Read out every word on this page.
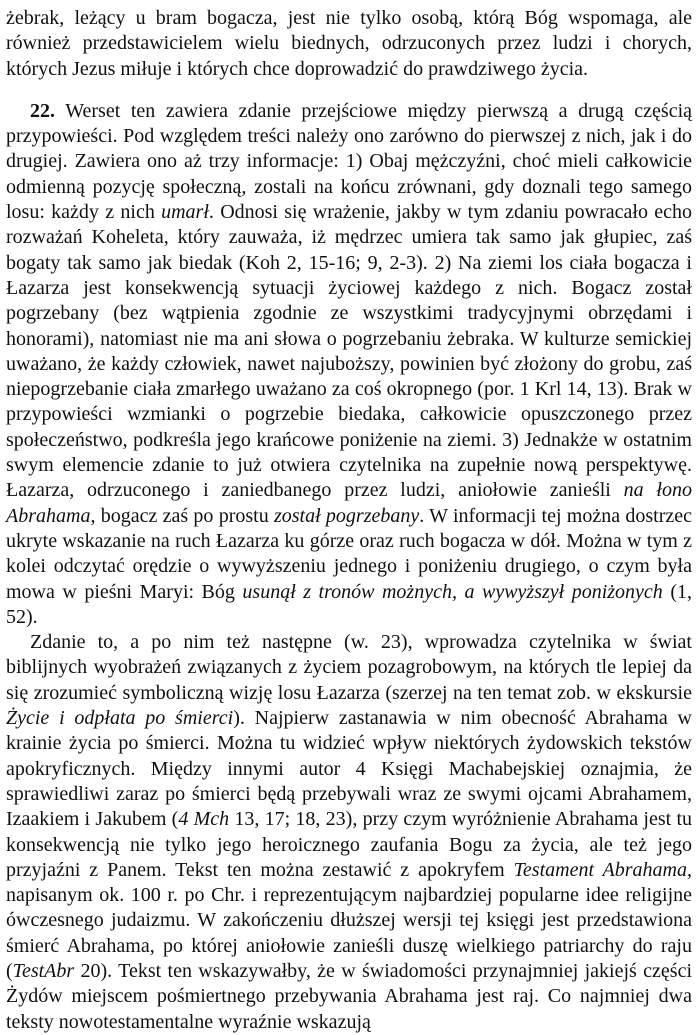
żebrak, leżący u bram bogacza, jest nie tylko osobą, którą Bóg wspomaga, ale również przedstawicielem wielu biednych, odrzuconych przez ludzi i chorych, których Jezus miłuje i których chce doprowadzić do prawdziwego życia.

22. Werset ten zawiera zdanie przejściowe między pierwszą a drugą częścią przypowieści. Pod względem treści należy ono zarówno do pierwszej z nich, jak i do drugiej. Zawiera ono aż trzy informacje: 1) Obaj mężczyźni, choć mieli całkowicie odmienną pozycję społeczną, zostali na końcu zrównani, gdy doznali tego samego losu: każdy z nich umarł. Odnosi się wrażenie, jakby w tym zdaniu powracało echo rozważań Koheleta, który zauważa, iż mędrzec umiera tak samo jak głupiec, zaś bogaty tak samo jak biedak (Koh 2, 15-16; 9, 2-3). 2) Na ziemi los ciała bogacza i Łazarza jest konsekwencją sytuacji życiowej każdego z nich. Bogacz został pogrzebany (bez wątpienia zgodnie ze wszystkimi tradycyjnymi obrzędami i honorami), natomiast nie ma ani słowa o pogrzebaniu żebraka. W kulturze semickiej uważano, że każdy człowiek, nawet najuboższy, powinien być złożony do grobu, zaś niepogrzebanie ciała zmarłego uważano za coś okropnego (por. 1 Krl 14, 13). Brak w przypowieści wzmianki o pogrzebie biedaka, całkowicie opuszczonego przez społeczeństwo, podkreśla jego krańcowe poniżenie na ziemi. 3) Jednakże w ostatnim swym elemencie zdanie to już otwiera czytelnika na zupełnie nową perspektywę. Łazarza, odrzuconego i zaniedbanego przez ludzi, aniołowie zanieśli na łono Abrahama, bogacz zaś po prostu został pogrzebany. W informacji tej można dostrzec ukryte wskazanie na ruch Łazarza ku górze oraz ruch bogacza w dół. Można w tym z kolei odczytać orędzie o wywyższeniu jednego i poniżeniu drugiego, o czym była mowa w pieśni Maryi: Bóg usunął z tronów możnych, a wywyższył poniżonych (1, 52).

Zdanie to, a po nim też następne (w. 23), wprowadza czytelnika w świat biblijnych wyobrażeń związanych z życiem pozagrobowym, na których tle lepiej da się zrozumieć symboliczną wizję losu Łazarza (szerzej na ten temat zob. w ekskursie Życie i odpłata po śmierci). Najpierw zastanawia w nim obecność Abrahama w krainie życia po śmierci. Można tu widzieć wpływ niektórych żydowskich tekstów apokryficznych. Między innymi autor 4 Księgi Machabejskiej oznajmia, że sprawiedliwi zaraz po śmierci będą przebywali wraz ze swymi ojcami Abrahamem, Izaakiem i Jakubem (4 Mch 13, 17; 18, 23), przy czym wyróżnienie Abrahama jest tu konsekwencją nie tylko jego heroicznego zaufania Bogu za życia, ale też jego przyjaźni z Panem. Tekst ten można zestawić z apokryfem Testament Abrahama, napisanym ok. 100 r. po Chr. i reprezentującym najbardziej popularne idee religijne ówczesnego judaizmu. W zakończeniu dłuższej wersji tej księgi jest przedstawiona śmierć Abrahama, po której aniołowie zanieśli duszę wielkiego patriarchy do raju (TestAbr 20). Tekst ten wskazywałby, że w świadomości przynajmniej jakiejś części Żydów miejscem pośmiertnego przebywania Abrahama jest raj. Co najmniej dwa teksty nowotestamentalne wyraźnie wskazują
